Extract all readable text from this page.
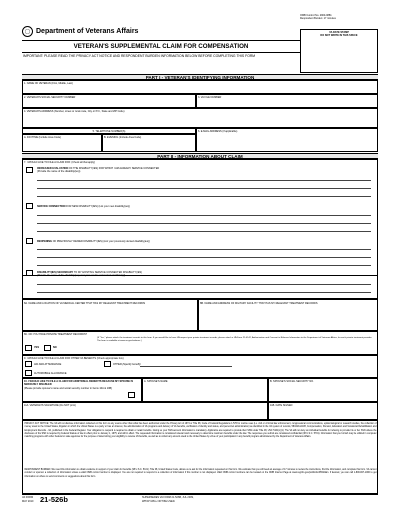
OMB Control No. 2900-0881
Respondent Burden: 17 minutes
Department of Veterans Affairs	VA DATE STAMP
DO NOT WRITE IN THIS SPACE
VETERAN'S SUPPLEMENTAL CLAIM FOR COMPENSATION
IMPORTANT: PLEASE READ THE PRIVACY ACT NOTICE AND RESPONDENT BURDEN INFORMATION BELOW BEFORE COMPLETING THIS FORM
PART I - VETERAN'S IDENTIFYING INFORMATION
1. NAME OF VETERAN (First, Middle, Last)
2. VETERAN'S SOCIAL SECURITY NUMBER	3. VA FILE NUMBER
4. VETERAN'S ADDRESS (Number, street or rural route, City or P.O., State and ZIP Code)
5. TELEPHONE NUMBER(S)
A. DAYTIME (Include Area Code)	B. EVENING (Include Area Code)
6. E-MAIL ADDRESS (If applicable)
PART II - INFORMATION ABOUT CLAIM
7. I WOULD LIKE TO FILE A CLAIM FOR: (Check all that apply)
INCREASED EVALUATION OF THE DISABILITY(IES) FOR WHICH I AM ALREADY SERVICE CONNECTED
(Provide the name of the disability(ies))
SERVICE CONNECTION FOR NEW DISABILITY(IES) (List your new disability(ies))
REOPENING OF PREVIOUSLY DENIED DISABILITY(IES) (List your previously denied disability(ies))
DISABILITY(IES) SECONDARY TO MY EXISTING SERVICE CONNECTED DISABILITY(IES)
(Provide the name of the disability(ies) and your service connected condition(s))
8A. NAME AND LOCATION OF VA MEDICAL CENTER THAT HAS MY RELEVANT TREATMENT RECORDS	8B. NAME AND ADDRESS OF MILITARY FACILITY THAT HAS MY RELEVANT TREATMENT RECORDS
8C. DO YOU HAVE PRIVATE TREATMENT RECORDS?
(If "Yes," please attach the treatment records to this form. If you would like to have VA request your private treatment records, please attach a VA Form 21-4142, Authorization and Consent to Release Information to the Department of Veterans Affairs, for each private treatment provider. The form is available at www.va.gov/vaforms.)
YES	NO
9. I WOULD LIKE TO FILE A CLAIM FOR OTHER VA BENEFITS (Check appropriate box)
AID AND ATTENDANCE	OTHER (Specify benefit)
AUTOMOBILE ALLOWANCE
10. I WOULD LIKE TO FILE A CLAIM FOR ADDITIONAL BENEFITS BECAUSE MY SPOUSE IS SERIOUSLY DISABLED
(Please provide spouse's name and social security number in Items 10A & 10B)
A. SPOUSE'S NAME	B. SPOUSE'S SOCIAL SECURITY NO.
11A. VETERAN'S SIGNATURE (Do NOT print)	11B. DATE SIGNED
PRIVACY ACT NOTICE: The VA will not disclose information collected on this form to any source other than what has been authorized under the Privacy Act of 1974 or Title 38, Code of Federal Regulations 1.576 for routine uses (i.e. civil or criminal law enforcement, congressional communications, epidemiological or research studies, the collection of money owed to the United States, litigation in which the United States is a party or has an interest, the administration of VA programs and delivery of VA benefits, verification of identity and status, and personnel administration) as identified in the VA system of records, 58VA21/22/28, Compensation, Pension, Education and Vocational Rehabilitation and Employment Records - VA, published in the Federal Register. Your obligation to respond is required to obtain or retain benefits. Giving us your SSN account information is mandatory. Applicants are required to provide their SSN under Title 38, USC 5101(c)(1). The VA will not deny an individual benefits for refusing to provide his or her SSN unless the disclosure of the SSN is required by Federal Statute of law in effect prior to January 1, 1975, and still in effect. The requested information is considered relevant and necessary to determine maximum benefits under the law. The responses you submit are considered confidential (38 U.S.C. 5701). Information that you furnish may be utilized in computer matching programs with other Federal or state agencies for the purpose of determining your eligibility to receive VA benefits, as well as to collect any amount owed to the United States by virtue of your participation in any benefit program administered by the Department of Veterans Affairs.
RESPONDENT BURDEN: We need this information to obtain evidence in support of your claim for benefits (38 U.S.C. 5101). Title 38, United States Code, allows us to ask for the information requested on this form. We estimate that you will need an average of 17 minutes to review the instructions, find the information, and complete this form. VA cannot conduct or sponsor a collection of information unless a valid OMB control number is displayed. You are not required to respond to a collection of information if this number is not displayed. Valid OMB control numbers can be located on the OMB Internet Page at www.reginfo.gov/public/do/PRAMain. If desired, you can call 1-800-827-1000 to get information on where to send comments or suggestions about this form.
VA FORM
MAY 2010 21-526b	SUPERSEDES VA FORM 21-526B, JUL 2009,
WHICH WILL NOT BE USED.
